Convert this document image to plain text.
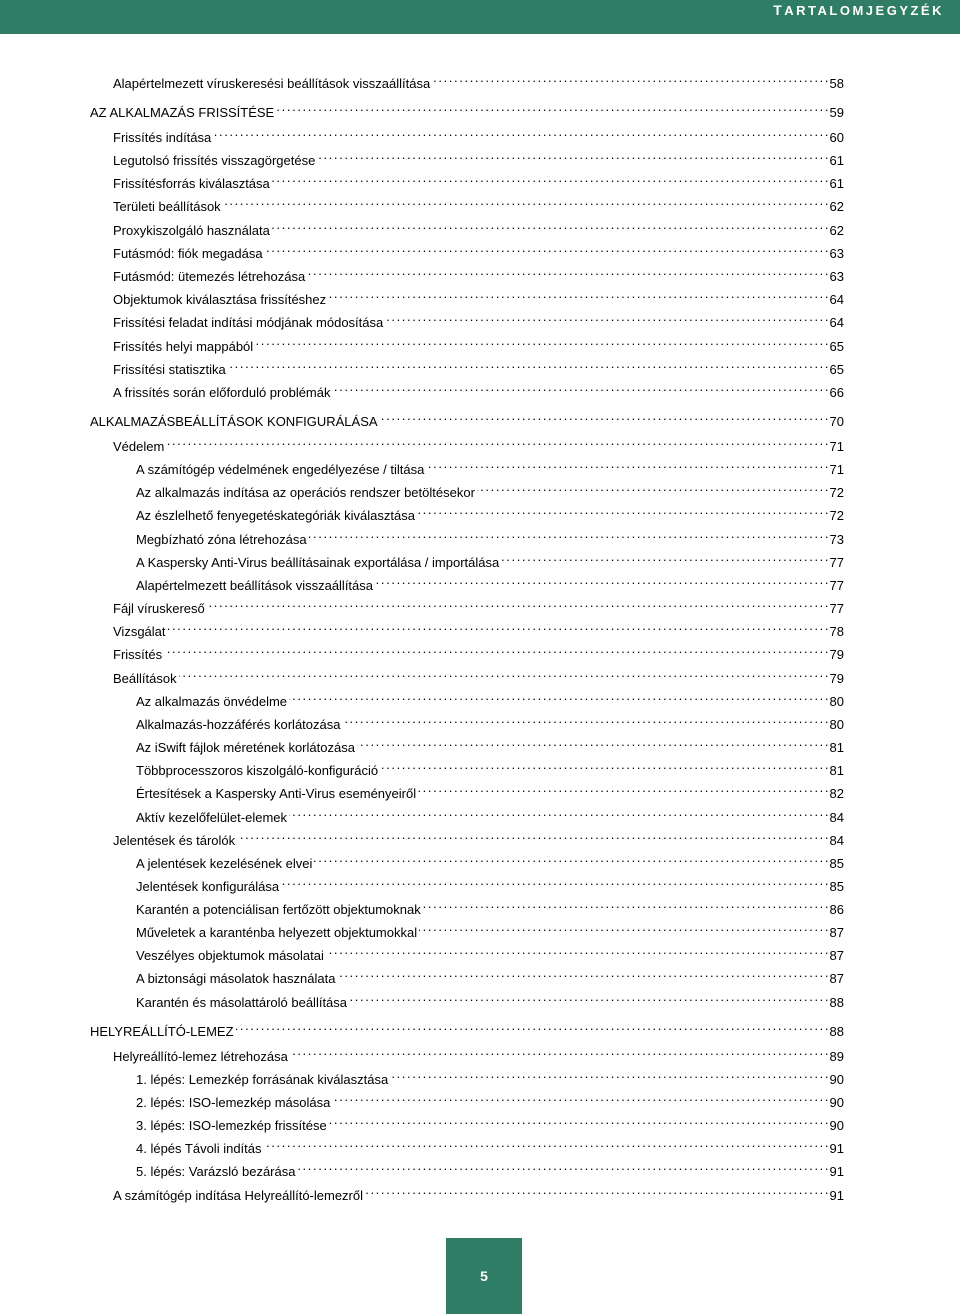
TARTALOMJEGYZÉK
Alapértelmezett víruskeresési beállítások visszaállítása . . .	58
AZ ALKALMAZÁS FRISSÍTÉSE . . .	59
Frissítés indítása . . .	60
Legutolsó frissítés visszagörgetése . . .	61
Frissítésforrás kiválasztása . . .	61
Területi beállítások . . .	62
Proxykiszolgáló használata . . .	62
Futásmód: fiók megadása . . .	63
Futásmód: ütemezés létrehozása . . .	63
Objektumok kiválasztása frissítéshez . . .	64
Frissítési feladat indítási módjának módosítása . . .	64
Frissítés helyi mappából . . .	65
Frissítési statisztika . . .	65
A frissítés során előforduló problémák . . .	66
ALKALMAZÁSBEÁLLÍTÁSOK KONFIGURÁLÁSA . . .	70
Védelem . . .	71
A számítógép védelmének engedélyezése / tiltása . . .	71
Az alkalmazás indítása az operációs rendszer betöltésekor . . .	72
Az észlelhető fenyegetéskategóriák kiválasztása . . .	72
Megbízható zóna létrehozása . . .	73
A Kaspersky Anti-Virus beállításainak exportálása / importálása . . .	77
Alapértelmezett beállítások visszaállítása . . .	77
Fájl víruskereső . . .	77
Vizsgálat . . .	78
Frissítés . . .	79
Beállítások . . .	79
Az alkalmazás önvédelme . . .	80
Alkalmazás-hozzáférés korlátozása . . .	80
Az iSwift fájlok méretének korlátozása . . .	81
Többprocesszoros kiszolgáló-konfiguráció . . .	81
Értesítések a Kaspersky Anti-Virus eseményeiről . . .	82
Aktív kezelőfelület-elemek . . .	84
Jelentések és tárolók . . .	84
A jelentések kezelésének elvei . . .	85
Jelentések konfigurálása . . .	85
Karantén a potenciálisan fertőzött objektumoknak . . .	86
Műveletek a karanténba helyezett objektumokkal . . .	87
Veszélyes objektumok másolatai . . .	87
A biztonsági másolatok használata . . .	87
Karantén és másolattároló beállítása . . .	88
HELYREÁLLÍTÓ-LEMEZ . . .	88
Helyreállító-lemez létrehozása . . .	89
1. lépés: Lemezkép forrásának kiválasztása . . .	90
2. lépés: ISO-lemezkép másolása . . .	90
3. lépés: ISO-lemezkép frissítése . . .	90
4. lépés Távoli indítás . . .	91
5. lépés: Varázsló bezárása . . .	91
A számítógép indítása Helyreállító-lemezről . . .	91
5
